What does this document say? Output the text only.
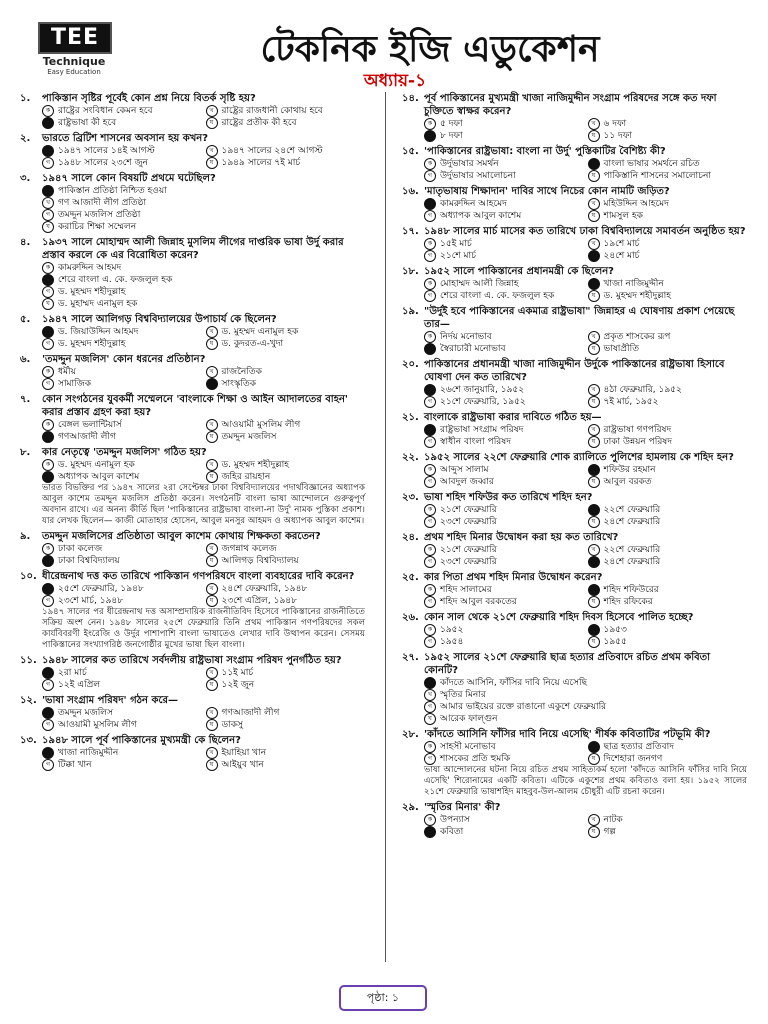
TEE
Technique
Easy Education
টেকনিক ইজি এডুকেশন
অধ্যায়-১
১.	পাকিস্তান সৃষ্টির পূর্বেই কোন প্রশ্ন নিয়ে বিতর্ক সৃষ্টি হয়?
ক রাষ্ট্রের সংবিধান কেমন হবে	খ রাষ্ট্রের রাজধানী কোথায় হবে
রাষ্ট্রভাষা কী হবে	ঘ রাষ্ট্রের প্রতীক কী হবে
২.	ভারতে ব্রিটিশ শাসনের অবসান হয় কখন?
১৯৪৭ সালের ১৪ই আগস্ট	খ ১৯৪৭ সালের ২৪শে আগস্ট
গ ১৯৪৮ সালের ২৩শে জুন	ঘ ১৯৪৯ সালের ৭ই মার্চ
৩.	১৯৪৭ সালে কোন বিষয়টি প্রথমে ঘটেছিল?
পাকিস্তান প্রতিষ্ঠা নিশ্চিত হওয়া
খ গণ আজাদী লীগ প্রতিষ্ঠা
গ তমদ্দুন মজলিস প্রতিষ্ঠা
ঘ করাচির শিক্ষা সম্মেলন
৪.	১৯৩৭ সালে মোহাম্মদ আলী জিন্নাহ মুসলিম লীগের দাপ্তরিক ভাষা উর্দু করার প্রস্তাব করলে কে এর বিরোধিতা করেন?
ক কামরুদ্দিন আহমদ
শেরে বাংলা এ. কে. ফজলুল হক
গ ড. মুহম্মদ শহীদুল্লাহ
ঘ ড. মুহাম্মদ এনামুল হক
৫.	১৯৪৭ সালে আলিগড় বিশ্ববিদ্যালয়ের উপাচার্য কে ছিলেন?
ড. জিয়াউদ্দিন আহমদ	খ ড. মুহম্মদ এনামুল হক
গ ড. মুহম্মদ শহীদুল্লাহ	ঘ ড. কুদরত-এ-খুদা
৬.	'তমদ্দুন মজলিস' কোন ধরনের প্রতিষ্ঠান?
ক ধর্মীয়	খ রাজনৈতিক
গ সামাজিক	সাংস্কৃতিক
৭.	কোন সংগঠনের যুবকর্মী সম্মেলনে 'বাংলাকে শিক্ষা ও আইন আদালতের বাহন' করার প্রস্তাব গ্রহণ করা হয়?
ক বেঙ্গল ভলান্টিয়ার্স	খ আওয়ামী মুসলিম লীগ
গণআজাদী লীগ	ঘ তমদ্দুন মজলিস
৮.	কার নেতৃত্বে 'তমদ্দুন মজলিস' গঠিত হয়?
ক ড. মুহম্মদ এনামুল হক	খ ড. মুহম্মদ শহীদুল্লাহ
অধ্যাপক আবুল কাশেম	ঘ জহির রায়হান
ভারত বিভক্তির পর ১৯৪৭ সালের ২রা সেপ্টেম্বর ঢাকা বিশ্ববিদ্যালয়ের পদার্থবিজ্ঞানের অধ্যাপক আবুল কাশেম তমদ্দুন মজলিস প্রতিষ্ঠা করেন। সংগঠনটি বাংলা ভাষা আন্দোলনে গুরুত্বপূর্ণ অবদান রাখে। এর অনন্য কীর্তি ছিল 'পাকিস্তানের রাষ্ট্রভাষা বাংলা-না উর্দু' নামক পুস্তিকা প্রকাশ। যার লেখক ছিলেন— কাজী মোতাহার হোসেন, আবুল মনসুর আহমদ ও অধ্যাপক আবুল কাশেম।
৯.	তমদ্দুন মজলিসের প্রতিষ্ঠাতা আবুল কাশেম কোথায় শিক্ষকতা করতেন?
ক ঢাকা কলেজ	খ জগন্নাথ কলেজ
ঢাকা বিশ্ববিদ্যালয়	ঘ আলিগড় বিশ্ববিদ্যালয়
১০. ধীরেন্দ্রনাথ দত্ত কত তারিখে পাকিস্তান গণপরিষদে বাংলা ব্যবহারের দাবি করেন?
২৫শে ফেব্রুয়ারি, ১৯৪৮	খ ২৪শে ফেব্রুয়ারি, ১৯৪৮
গ ২৩শে মার্চ, ১৯৪৮	ঘ ২৩শে এপ্রিল, ১৯৪৮
১৯৪৭ সালের পর ধীরেন্দ্রনাথ দত্ত অসাম্প্রদায়িক রাজনীতিবিদ হিসেবে পাকিস্তানের রাজনীতিতে সক্রিয় অংশ নেন। ১৯৪৮ সালের ২৫শে ফেব্রুয়ারি তিনি প্রথম পাকিস্তান গণপরিষদের সকল কার্যবিবরণী ইংরেজি ও উর্দুর পাশাপাশি বাংলা ভাষাতেও লেখার দাবি উত্থাপন করেন। সেসময় পাকিস্তানের সংখ্যাগরিষ্ঠ জনগোষ্ঠীর মুখের ভাষা ছিল বাংলা।
১১. ১৯৪৮ সালের কত তারিখে সর্বদলীয় রাষ্ট্রভাষা সংগ্রাম পরিষদ পুনর্গঠিত হয়?
২রা মার্চ	খ ১১ই মার্চ
গ ১২ই এপ্রিল	ঘ ১২ই জুন
১২. 'ভাষা সংগ্রাম পরিষদ' গঠন করে—
তমদ্দুন মজলিস	খ গণআজাদী লীগ
গ আওয়ামী মুসলিম লীগ	ঘ ডাকসু
১৩. ১৯৪৮ সালে পূর্ব পাকিস্তানের মুখ্যমন্ত্রী কে ছিলেন?
খাজা নাজিমুদ্দীন	খ ইয়াহিয়া খান
গ টিক্কা খান	ঘ আইয়ুব খান
১৪. পূর্ব পাকিস্তানের মুখ্যমন্ত্রী খাজা নাজিমুদ্দীন সংগ্রাম পরিষদের সঙ্গে কত দফা চুক্তিতে স্বাক্ষর করেন?
ক ৫ দফা	খ ৬ দফা
৮ দফা	ঘ ১১ দফা
১৫. 'পাকিস্তানের রাষ্ট্রভাষা: বাংলা না উর্দু' পুস্তিকাটির বৈশিষ্ট্য কী?
ক উর্দুভাষার সমর্থন	বাংলা ভাষার সমর্থনে রচিত
গ উর্দুভাষার সমালোচনা	ঘ পাকিস্তানি শাসনের সমালোচনা
১৬. 'মাতৃভাষায় শিক্ষাদান' দাবির সাথে নিচের কোন নামটি জড়িত?
কামরুদ্দিন আহমেদ	খ মহিউদ্দিন আহমেদ
গ অধ্যাপক আবুল কাশেম	ঘ শামসুল হক
১৭. ১৯৪৮ সালের মার্চ মাসের কত তারিখে ঢাকা বিশ্ববিদ্যালয়ে সমাবর্তন অনুষ্ঠিত হয়?
ক ১৫ই মার্চ	খ ১৯শে মার্চ
গ ২১শে মার্চ	২৪শে মার্চ
১৮. ১৯৫২ সালে পাকিস্তানের প্রধানমন্ত্রী কে ছিলেন?
ক মোহাম্মদ আলী জিন্নাহ	খাজা নাজিমুদ্দীন
গ শেরে বাংলা এ. কে. ফজলুল হক	ঘ ড. মুহম্মদ শহীদুল্লাহ
১৯. "উর্দুই হবে পাকিস্তানের একমাত্র রাষ্ট্রভাষা" জিন্নাহর এ ঘোষণায় প্রকাশ পেয়েছে তার—
ক নির্দয় মনোভাব	খ প্রকৃত শাসকের রূপ
স্বৈরাচারী মনোভাব	ঘ ভাষাপ্রীতি
২০. পাকিস্তানের প্রধানমন্ত্রী খাজা নাজিমুদ্দীন উর্দুকে পাকিস্তানের রাষ্ট্রভাষা হিসাবে ঘোষণা দেন কত তারিখে?
২৬শে জানুয়ারি, ১৯৫২	খ ৪ঠা ফেব্রুয়ারি, ১৯৫২
গ ২১শে ফেব্রুয়ারি, ১৯৫২	ঘ ৭ই মার্চ, ১৯৫২
২১. বাংলাকে রাষ্ট্রভাষা করার দাবিতে গঠিত হয়—
রাষ্ট্রভাষা সংগ্রাম পরিষদ	খ রাষ্ট্রভাষা গণপরিষদ
গ স্বাধীন বাংলা পরিষদ	ঘ ঢাকা উন্নয়ন পরিষদ
২২. ১৯৫২ সালের ২২শে ফেব্রুয়ারি শোক র‍্যালিতে পুলিশের হামলায় কে শহিদ হন?
ক আব্দুস সালাম	শফিউর রহমান
গ আবদুল জব্বার	ঘ আবুল বরকত
২৩. ভাষা শহিদ শফিউর কত তারিখে শহিদ হন?
ক ২১শে ফেব্রুয়ারি	২২শে ফেব্রুয়ারি
গ ২৩শে ফেব্রুয়ারি	ঘ ২৪শে ফেব্রুয়ারি
২৪. প্রথম শহিদ মিনার উদ্বোধন করা হয় কত তারিখে?
ক ২১শে ফেব্রুয়ারি	খ ২২শে ফেব্রুয়ারি
গ ২৩শে ফেব্রুয়ারি	২৪শে ফেব্রুয়ারি
২৫. কার পিতা প্রথম শহিদ মিনার উদ্বোধন করেন?
ক শহিদ সালামের	শহিদ শফিউরের
গ শহিদ আবুল বরকতের	ঘ শহিদ রফিকের
২৬. কোন সাল থেকে ২১শে ফেব্রুয়ারি শহিদ দিবস হিসেবে পালিত হচ্ছে?
ক ১৯৫২	১৯৫৩
গ ১৯৫৪	ঘ ১৯৫৫
২৭. ১৯৫২ সালের ২১শে ফেব্রুয়ারি ছাত্র হত্যার প্রতিবাদে রচিত প্রথম কবিতা কোনটি?
কাঁদতে আসিনি, ফাঁসির দাবি নিয়ে এসেছি
খ স্মৃতির মিনার
গ আমার ভাইয়ের রক্তে রাঙানো একুশে ফেব্রুয়ারি
ঘ আরেক ফাল্গুন
২৮. 'কাঁদতে আসিনি ফাঁসির দাবি নিয়ে এসেছি' শীর্ষক কবিতাটির পটভূমি কী?
ক সাহসী মনোভাব	ছাত্র হত্যার প্রতিবাদ
গ শাসকের প্রতি হুমকি	ঘ দিশেহারা জনগণ
ভাষা আন্দোলনের ঘটনা নিয়ে রচিত প্রথম সাহিত্যকর্ম হলো 'কাঁদতে আসিনি ফাঁসির দাবি নিয়ে এসেছি' শিরোনামের একটি কবিতা। এটিকে একুশের প্রথম কবিতাও বলা হয়। ১৯৫২ সালের ২১শে ফেব্রুয়ারি ভাষাশহিদ মাহবুব-উল-আলম চৌধুরী এটি রচনা করেন।
২৯. 'স্মৃতির মিনার' কী?
ক উপন্যাস	খ নাটক
কবিতা	ঘ গল্প
পৃষ্ঠা: ১
